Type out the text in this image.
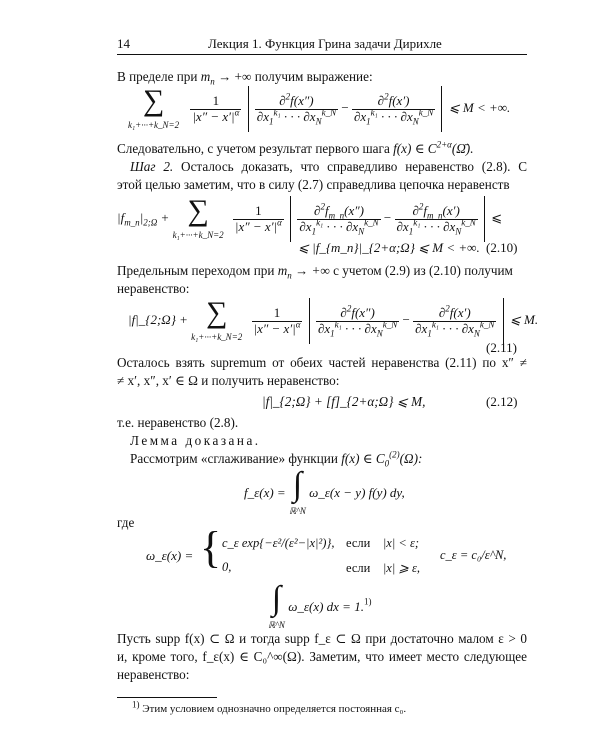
14	Лекция 1. Функция Грина задачи Дирихле
В пределе при $m_n$ → +∞ получим выражение:
∑
k₁+···+k_N=2
$\frac{1}{|x'' - x'|^\alpha}$
$\frac{\partial^2f(x'')}{\partial x_1^{k_1} \cdot \cdot \cdot \partial x_N^{k\_N}} - \frac{\partial^2f(x')}{\partial x_1^{k_1} \cdot \cdot \cdot \partial x_N^{k\_N}}$ ⩽ M < +∞.
Следовательно, с учетом результат первого шага f(x) ∈ $C^{2+\alpha}(\Omegā)$.
Шаг 2. Осталось доказать, что справедливо неравенство (2.8). С
этой целью заметим, что в силу (2.7) справедлива цепочка неравенств
$|f_{m\_n}|_{2;\Omega}$ + ∑
k₁+···+k_N=2
$\frac{1}{|x'' - x'|^\alpha}$
$\frac{\partial^2f_{m\_n}(x'')}{\partial x_1^{k_1} \cdot \cdot \cdot \partial x_N^{k\_N}} - \frac{\partial^2f_{m\_n}(x')}{\partial x_1^{k_1} \cdot \cdot \cdot \partial x_N^{k\_N}}$ ⩽
⩽ |f_{m_n}|_{2+α;Ω} ⩽ M < +∞. (2.10)
Предельным переходом при $m_n$ → +∞ с учетом (2.9) из (2.10) получим
неравенство:
|f|_{2;Ω} + ∑
k₁+···+k_N=2
$\frac{1}{|x'' - x'|^\alpha}$
$\frac{\partial^2f(x'')}{\partial x_1^{k_1} \cdot \cdot \cdot \partial x_N^{k\_N}} - \frac{\partial^2f(x')}{\partial x_1^{k_1} \cdot \cdot \cdot \partial x_N^{k\_N}}$ ⩽ M.
(2.11)
Осталось взять supremum от обеих частей неравенства (2.11) по x″ ≠
≠ x′, x″, x′ ∈ Ω и получить неравенство:
|f|_{2;Ω} + [f]_{2+α;Ω} ⩽ M,	(2.12)
т.е. неравенство (2.8).
Лемма доказана.
Рассмотрим «сглаживание» функции f(x) ∈ $C_0^{(2)}(\Omega)$:
f_ε(x) = ∫
ℝ^N ω_ε(x − y) f(y) dy,
где
ω_ε(x) = { c_ε exp{−ε²/(ε²−|x|²)}, если |x| < ε;
0,	если |x| ⩾ ε,
c_ε = c₀/ε^N,
∫
ℝ^N ω_ε(x) dx = 1.$^{1)}$
Пусть supp f(x) ⊂ Ω и тогда supp f_ε ⊂ Ω при достаточно малом ε > 0
и, кроме того, f_ε(x) ∈ C₀^∞(Ω). Заметим, что имеет место следующее
неравенство:
$^{1)}$ Этим условием однозначно определяется постоянная c₀.
